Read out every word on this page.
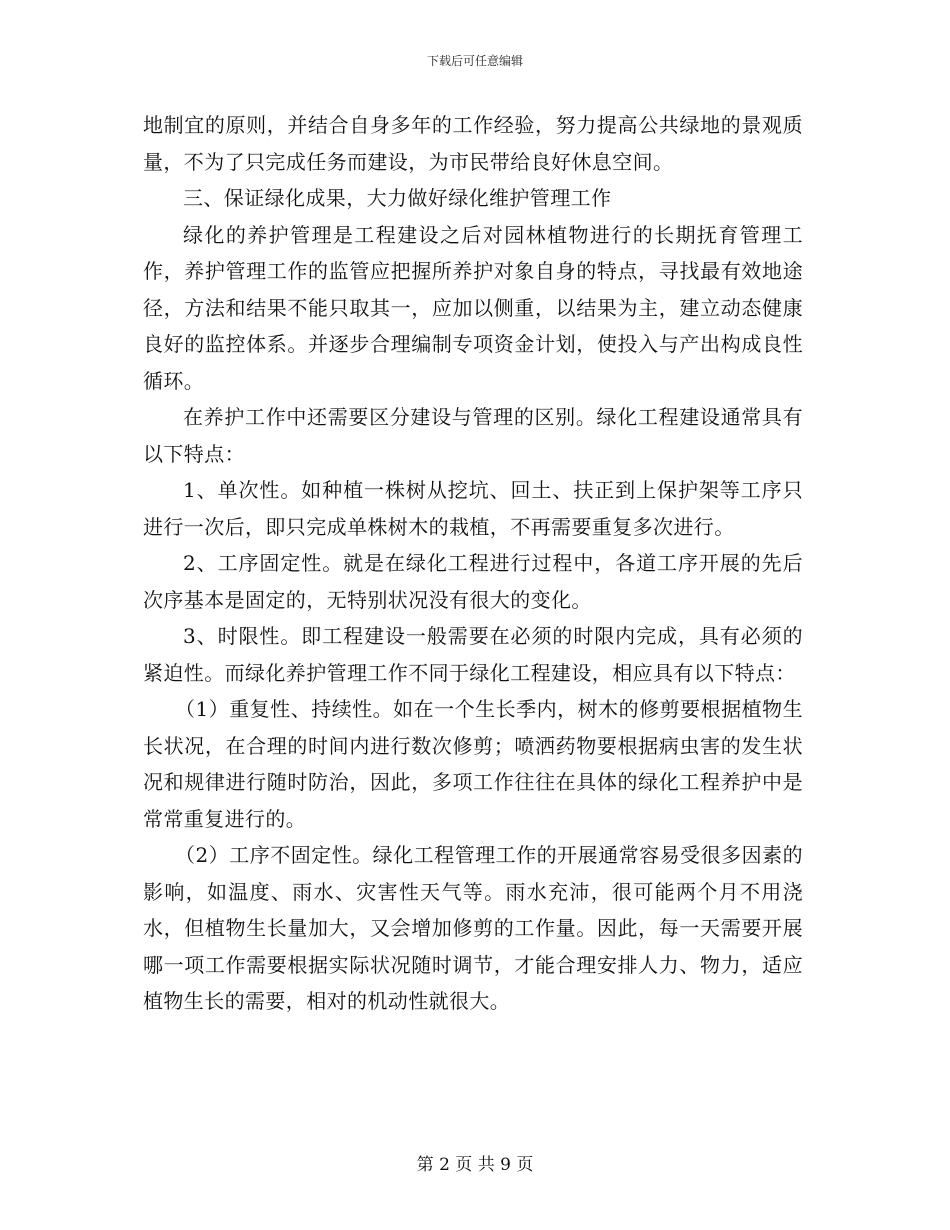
下载后可任意编辑

地制宜的原则，并结合自身多年的工作经验，努力提高公共绿地的景观质量，不为了只完成任务而建设，为市民带给良好休息空间。

三、保证绿化成果，大力做好绿化维护管理工作

绿化的养护管理是工程建设之后对园林植物进行的长期抚育管理工作，养护管理工作的监管应把握所养护对象自身的特点，寻找最有效地途径，方法和结果不能只取其一，应加以侧重，以结果为主，建立动态健康良好的监控体系。并逐步合理编制专项资金计划，使投入与产出构成良性循环。

在养护工作中还需要区分建设与管理的区别。绿化工程建设通常具有以下特点：

1、单次性。如种植一株树从挖坑、回土、扶正到上保护架等工序只进行一次后，即只完成单株树木的栽植，不再需要重复多次进行。

2、工序固定性。就是在绿化工程进行过程中，各道工序开展的先后次序基本是固定的，无特别状况没有很大的变化。

3、时限性。即工程建设一般需要在必须的时限内完成，具有必须的紧迫性。而绿化养护管理工作不同于绿化工程建设，相应具有以下特点：

（1）重复性、持续性。如在一个生长季内，树木的修剪要根据植物生长状况，在合理的时间内进行数次修剪；喷洒药物要根据病虫害的发生状况和规律进行随时防治，因此，多项工作往往在具体的绿化工程养护中是常常重复进行的。

（2）工序不固定性。绿化工程管理工作的开展通常容易受很多因素的影响，如温度、雨水、灾害性天气等。雨水充沛，很可能两个月不用浇水，但植物生长量加大，又会增加修剪的工作量。因此，每一天需要开展哪一项工作需要根据实际状况随时调节，才能合理安排人力、物力，适应植物生长的需要，相对的机动性就很大。

第 2 页 共 9 页
